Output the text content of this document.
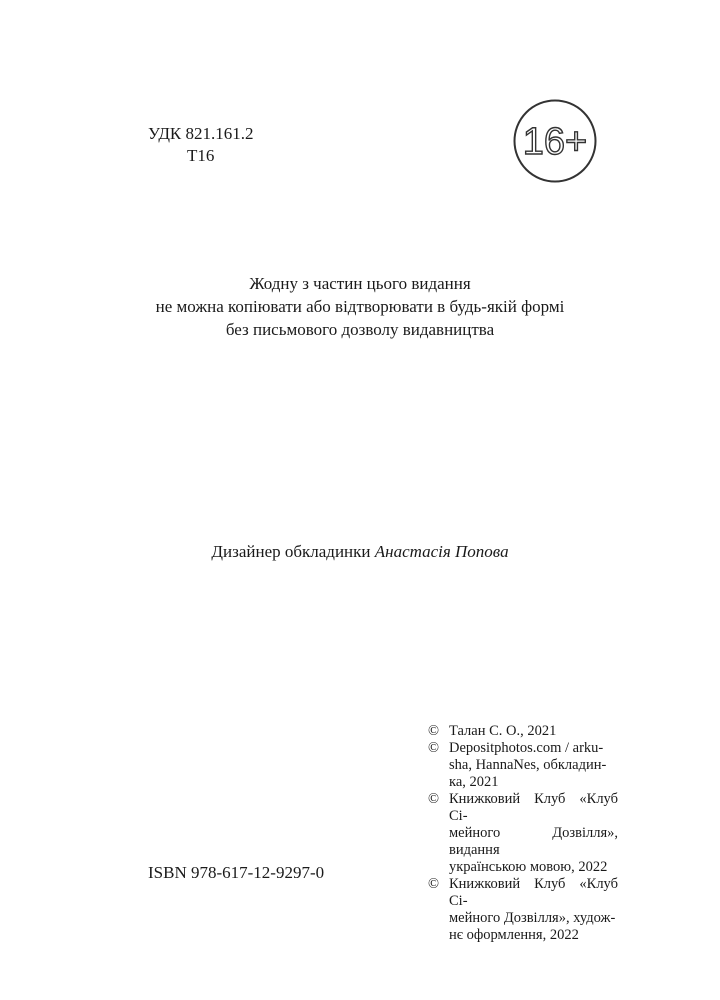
УДК 821.161.2
Т16	16+
Жодну з частин цього видання
не можна копіювати або відтворювати в будь-якій формі
без письмового дозволу видавництва
Дизайнер обкладинки Анастасія Попова
© Талан С. О., 2021
© Depositphotos.com / arku-
sha, HannaNes, обкладин-
ка, 2021
© Книжковий Клуб «Клуб Сі-
мейного Дозвілля», видання
українською мовою, 2022
© Книжковий Клуб «Клуб Сі-
мейного Дозвілля», худож-
нє оформлення, 2022
ISBN 978-617-12-9297-0
